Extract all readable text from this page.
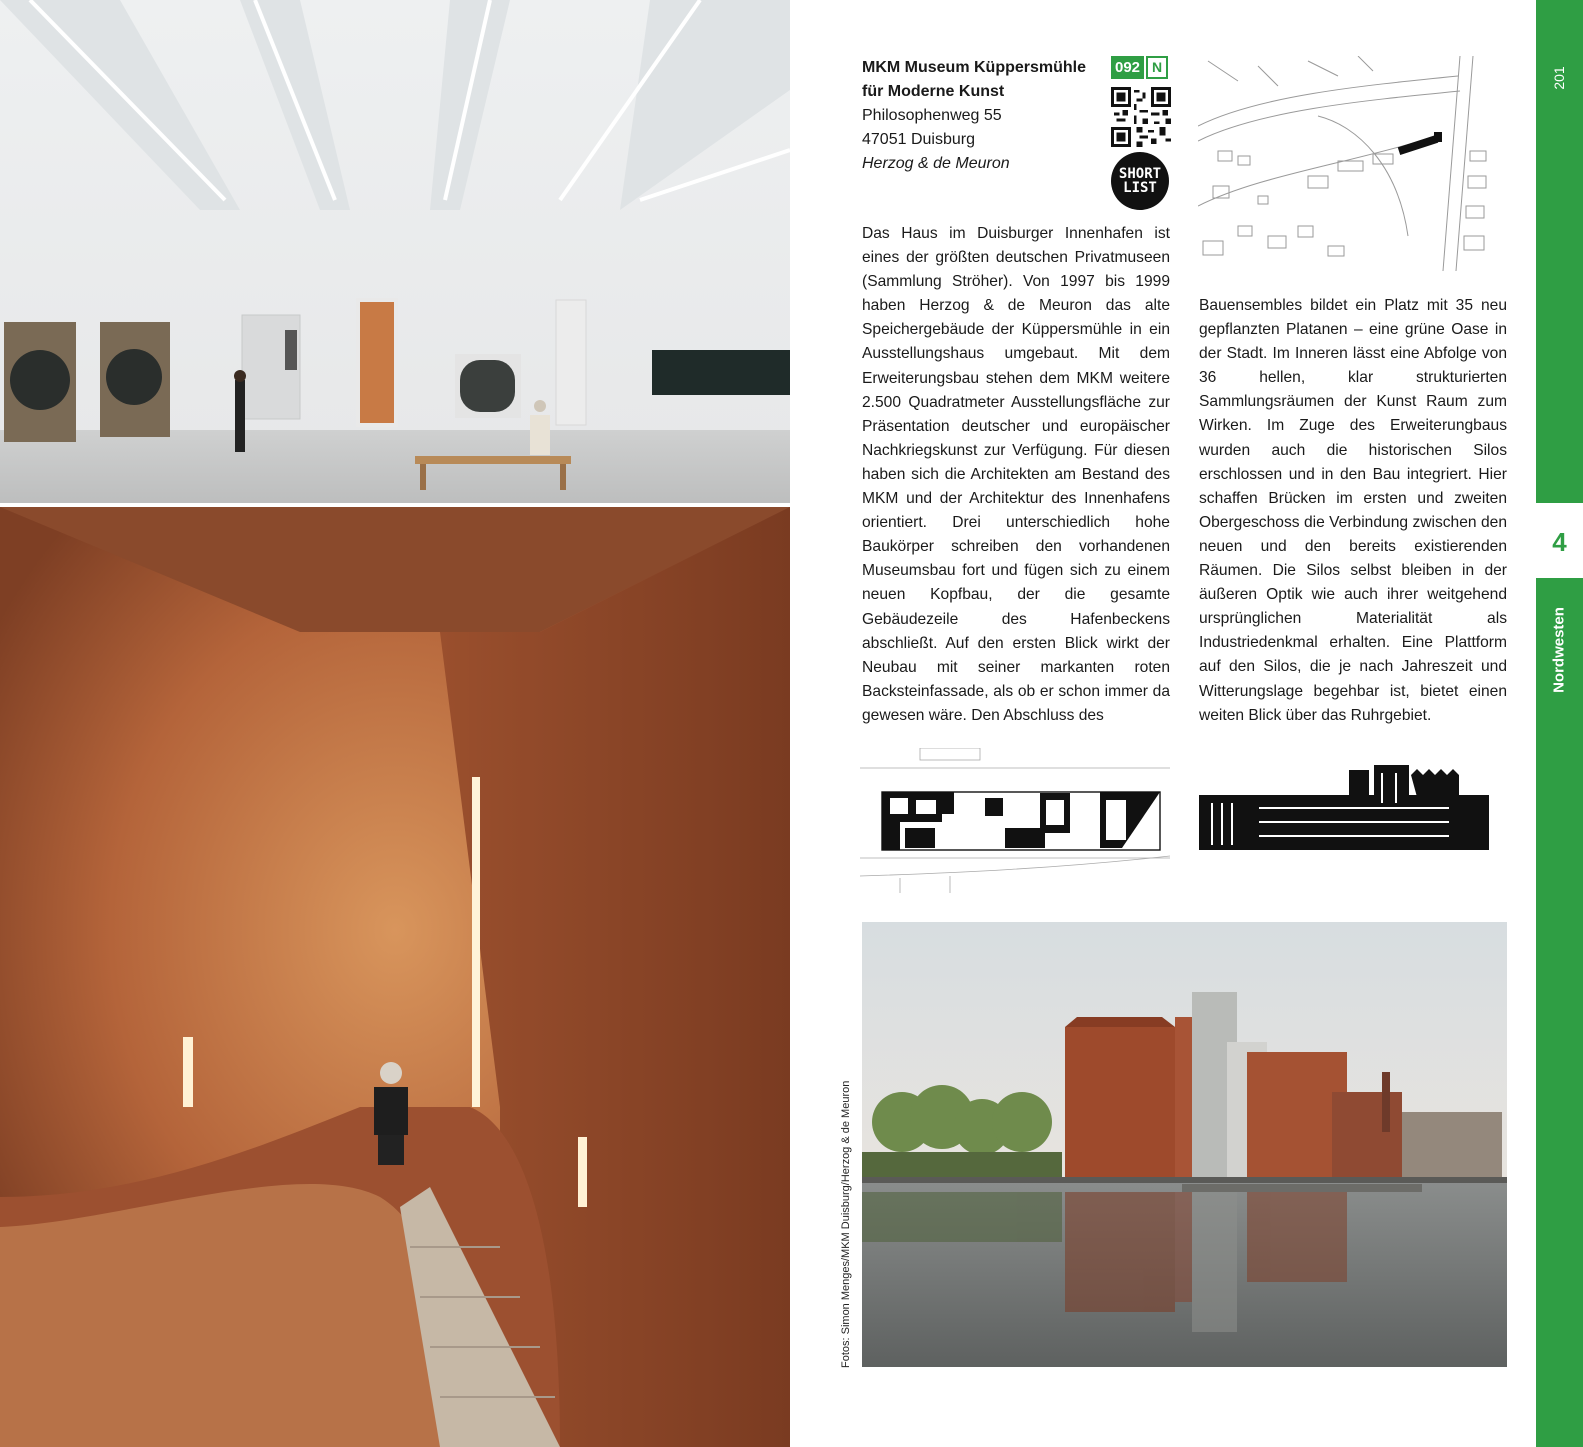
MKM Museum Küppersmühle
für Moderne Kunst
Philosophenweg 55
47051 Duisburg
Herzog & de Meuron
092 N
SHORT
LIST

Das Haus im Duisburger Innenhafen ist eines der größten deutschen Privatmuseen (Sammlung Ströher). Von 1997 bis 1999 haben Herzog & de Meuron das alte Speichergebäude der Küppersmühle in ein Ausstellungshaus umgebaut. Mit dem Erweiterungsbau stehen dem MKM weitere 2.500 Quadratmeter Ausstellungsfläche zur Präsentation deutscher und europäischer Nachkriegskunst zur Verfügung. Für diesen haben sich die Architekten am Bestand des MKM und der Architektur des Innenhafens orientiert. Drei unterschiedlich hohe Baukörper schreiben den vorhandenen Museumsbau fort und fügen sich zu einem neuen Kopfbau, der die gesamte Gebäudezeile des Hafenbeckens abschließt. Auf den ersten Blick wirkt der Neubau mit seiner markanten roten Backsteinfassade, als ob er schon immer da gewesen wäre. Den Abschluss des

Bauensembles bildet ein Platz mit 35 neu gepflanzten Platanen – eine grüne Oase in der Stadt. Im Inneren lässt eine Abfolge von 36 hellen, klar strukturierten Sammlungsräumen der Kunst Raum zum Wirken. Im Zuge des Erweiterungbaus wurden auch die historischen Silos erschlossen und in den Bau integriert. Hier schaffen Brücken im ersten und zweiten Obergeschoss die Verbindung zwischen den neuen und den bereits existierenden Räumen. Die Silos selbst bleiben in der äußeren Optik wie auch ihrer weitgehend ursprünglichen Materialität als Industriedenkmal erhalten. Eine Plattform auf den Silos, die je nach Jahreszeit und Witterungslage begehbar ist, bietet einen weiten Blick über das Ruhrgebiet.

Fotos: Simon Menges/MKM Duisburg/Herzog & de Meuron
201
4
Nordwesten
